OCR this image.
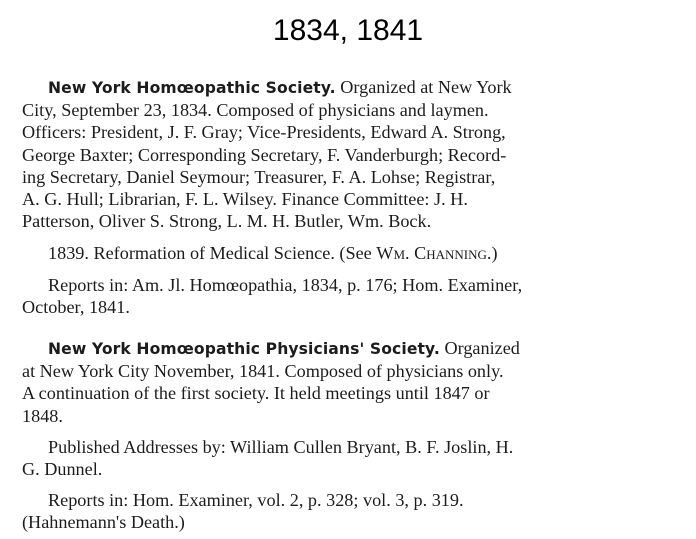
1834, 1841
New York Homœopathic Society. Organized at New York
City, September 23, 1834. Composed of physicians and laymen.
Officers: President, J. F. Gray; Vice-Presidents, Edward A. Strong,
George Baxter; Corresponding Secretary, F. Vanderburgh; Record-
ing Secretary, Daniel Seymour; Treasurer, F. A. Lohse; Registrar,
A. G. Hull; Librarian, F. L. Wilsey. Finance Committee: J. H.
Patterson, Oliver S. Strong, L. M. H. Butler, Wm. Bock.
1839. Reformation of Medical Science. (See Wm. Channing.)
Reports in: Am. Jl. Homœopathia, 1834, p. 176; Hom. Examiner,
October, 1841.
New York Homœopathic Physicians' Society. Organized
at New York City November, 1841. Composed of physicians only.
A continuation of the first society. It held meetings until 1847 or
1848.
Published Addresses by: William Cullen Bryant, B. F. Joslin, H.
G. Dunnel.
Reports in: Hom. Examiner, vol. 2, p. 328; vol. 3, p. 319.
(Hahnemann's Death.)
